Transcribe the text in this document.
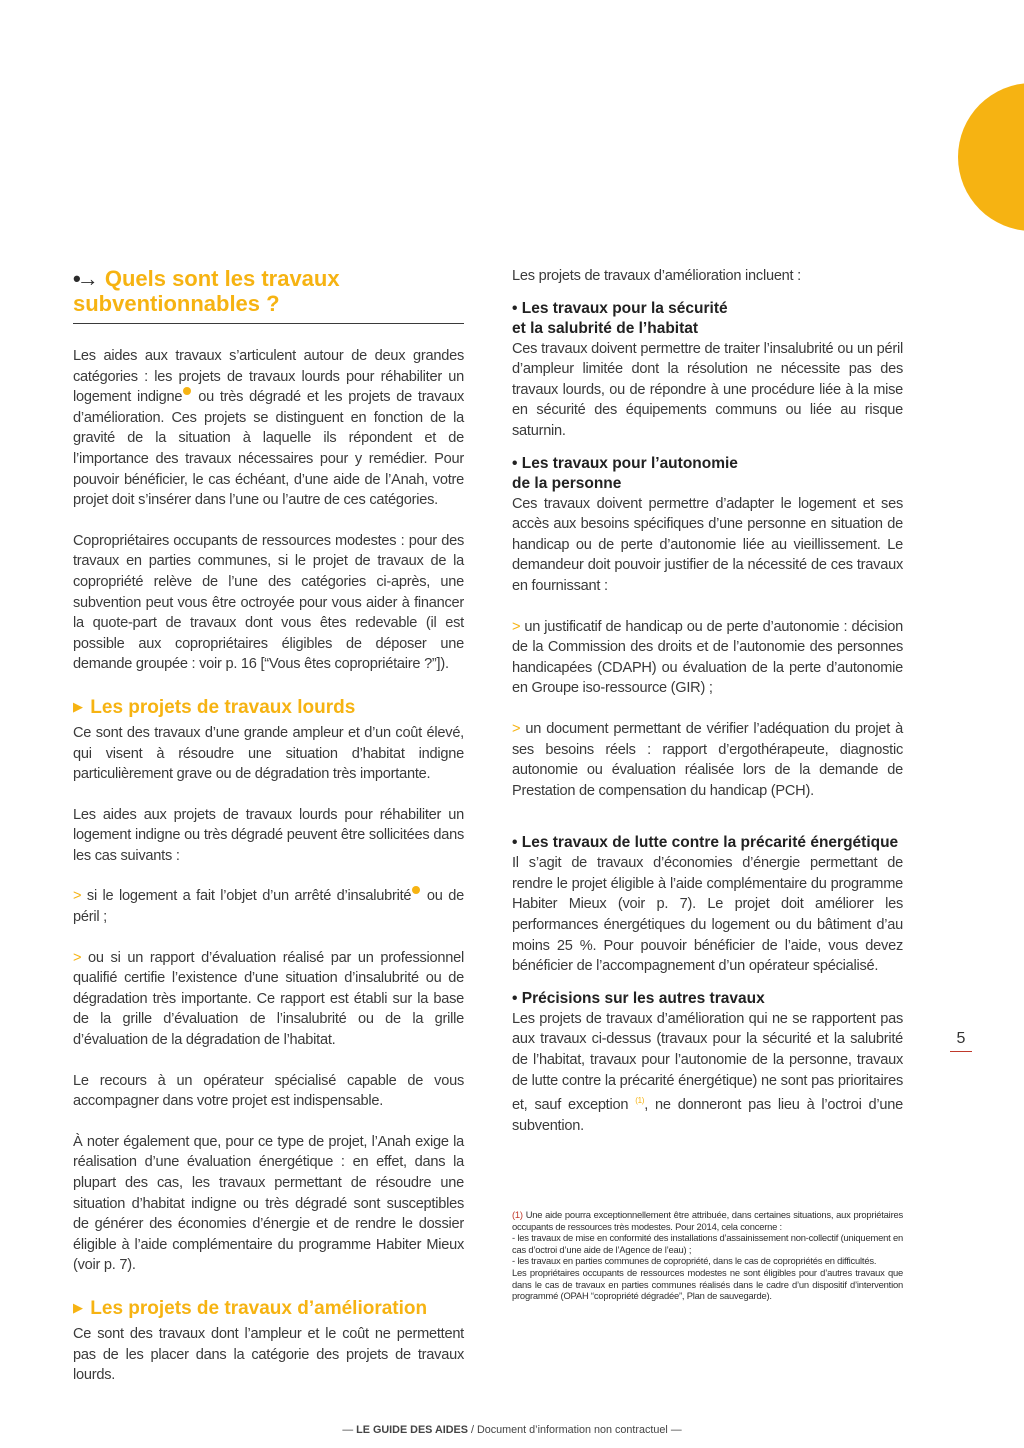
•→ Quels sont les travaux
subventionnables ?

Les aides aux travaux s’articulent autour de deux grandes catégories : les projets de travaux lourds pour réhabiliter un logement indigne ou très dégradé et les projets de travaux d’amélioration. Ces projets se distinguent en fonction de la gravité de la situation à laquelle ils répondent et de l’importance des travaux nécessaires pour y remédier. Pour pouvoir bénéficier, le cas échéant, d’une aide de l’Anah, votre projet doit s’insérer dans l’une ou l’autre de ces catégories.

Copropriétaires occupants de ressources modestes : pour des travaux en parties communes, si le projet de travaux de la copropriété relève de l’une des catégories ci-après, une subvention peut vous être octroyée pour vous aider à financer la quote-part de travaux dont vous êtes redevable (il est possible aux copropriétaires éligibles de déposer une demande groupée : voir p. 16 [“Vous êtes copropriétaire ?”]).

▶ Les projets de travaux lourds

Ce sont des travaux d’une grande ampleur et d’un coût élevé, qui visent à résoudre une situation d’habitat indigne particulièrement grave ou de dégradation très importante.

Les aides aux projets de travaux lourds pour réhabiliter un logement indigne ou très dégradé peuvent être sollicitées dans les cas suivants :

> si le logement a fait l’objet d’un arrêté d’insalubrité ou de péril ;

> ou si un rapport d’évaluation réalisé par un professionnel qualifié certifie l’existence d’une situation d’insalubrité ou de dégradation très importante. Ce rapport est établi sur la base de la grille d’évaluation de l’insalubrité ou de la grille d’évaluation de la dégradation de l’habitat.

Le recours à un opérateur spécialisé capable de vous accompagner dans votre projet est indispensable.

À noter également que, pour ce type de projet, l’Anah exige la réalisation d’une évaluation énergétique : en effet, dans la plupart des cas, les travaux permettant de résoudre une situation d’habitat indigne ou très dégradé sont susceptibles de générer des économies d’énergie et de rendre le dossier éligible à l’aide complémentaire du programme Habiter Mieux (voir p. 7).

▶ Les projets de travaux d’amélioration

Ce sont des travaux dont l’ampleur et le coût ne permettent pas de les placer dans la catégorie des projets de travaux lourds.

Les projets de travaux d’amélioration incluent :

• Les travaux pour la sécurité
et la salubrité de l’habitat

Ces travaux doivent permettre de traiter l’insalubrité ou un péril d’ampleur limitée dont la résolution ne nécessite pas des travaux lourds, ou de répondre à une procédure liée à la mise en sécurité des équipements communs ou liée au risque saturnin.

• Les travaux pour l’autonomie
de la personne

Ces travaux doivent permettre d’adapter le logement et ses accès aux besoins spécifiques d’une personne en situation de handicap ou de perte d’autonomie liée au vieillissement. Le demandeur doit pouvoir justifier de la nécessité de ces travaux en fournissant :

> un justificatif de handicap ou de perte d’autonomie : décision de la Commission des droits et de l’autonomie des personnes handicapées (CDAPH) ou évaluation de la perte d’autonomie en Groupe iso-ressource (GIR) ;

> un document permettant de vérifier l’adéquation du projet à ses besoins réels : rapport d’ergothérapeute, diagnostic autonomie ou évaluation réalisée lors de la demande de Prestation de compensation du handicap (PCH).

• Les travaux de lutte contre la précarité énergétique

Il s’agit de travaux d’économies d’énergie permettant de rendre le projet éligible à l’aide complémentaire du programme Habiter Mieux (voir p. 7). Le projet doit améliorer les performances énergétiques du logement ou du bâtiment d’au moins 25 %. Pour pouvoir bénéficier de l’aide, vous devez bénéficier de l’accompagnement d’un opérateur spécialisé.

• Précisions sur les autres travaux

Les projets de travaux d’amélioration qui ne se rapportent pas aux travaux ci-dessus (travaux pour la sécurité et la salubrité de l’habitat, travaux pour l’autonomie de la personne, travaux de lutte contre la précarité énergétique) ne sont pas prioritaires et, sauf exception $^{(1)}$, ne donneront pas lieu à l’octroi d’une subvention.

(1) Une aide pourra exceptionnellement être attribuée, dans certaines situations, aux propriétaires occupants de ressources très modestes. Pour 2014, cela concerne :
- les travaux de mise en conformité des installations d’assainissement non-collectif (uniquement en cas d’octroi d’une aide de l’Agence de l’eau) ;
- les travaux en parties communes de copropriété, dans le cas de copropriétés en difficultés.
Les propriétaires occupants de ressources modestes ne sont éligibles pour d’autres travaux que dans le cas de travaux en parties communes réalisés dans le cadre d’un dispositif d’intervention programmé (OPAH “copropriété dégradée”, Plan de sauvegarde).
5
— LE GUIDE DES AIDES / Document d’information non contractuel —
